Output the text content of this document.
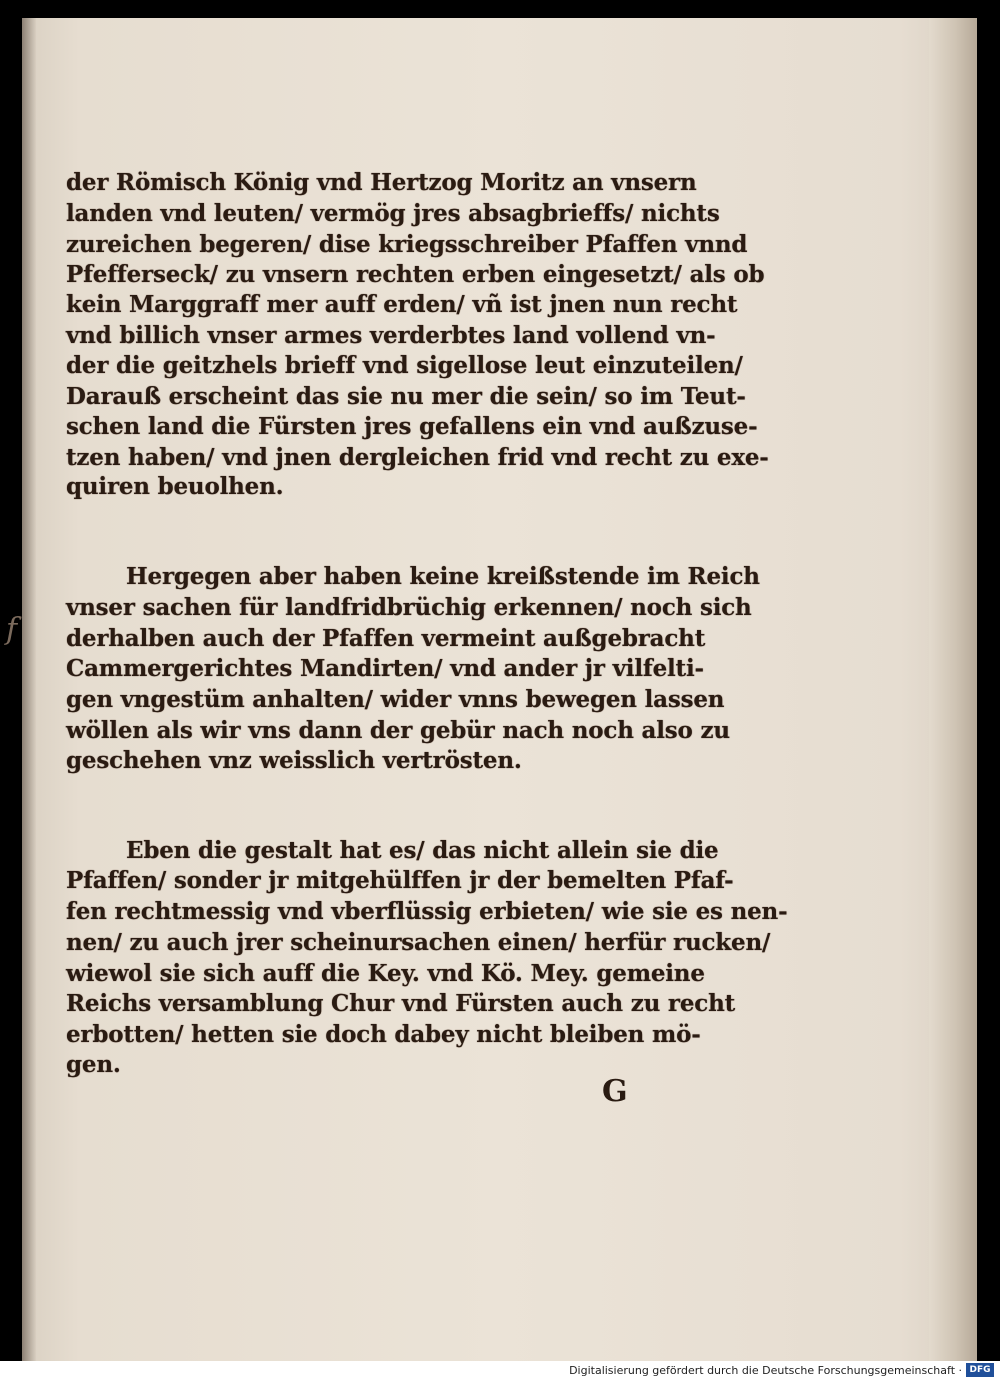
f
der Römisch König vnd Hertzog Moritz an vnsern
landen vnd leuten/ vermög jres absagbrieffs/ nichts
zureichen begeren/ dise kriegsschreiber Pfaffen vnnd
Pfefferseck/ zu vnsern rechten erben eingesetzt/ als ob
kein Marggraff mer auff erden/ vñ ist jnen nun recht
vnd billich vnser armes verderbtes land vollend vn-
der die geitzhels brieff vnd sigellose leut einzuteilen/
Darauß erscheint das sie nu mer die sein/ so im Teut-
schen land die Fürsten jres gefallens ein vnd außzuse-
tzen haben/ vnd jnen dergleichen frid vnd recht zu exe-
quiren beuolhen.
Hergegen aber haben keine kreißstende im Reich
vnser sachen für landfridbrüchig erkennen/ noch sich
derhalben auch der Pfaffen vermeint außgebracht
Cammergerichtes Mandirten/ vnd ander jr vilfelti-
gen vngestüm anhalten/ wider vnns bewegen lassen
wöllen als wir vns dann der gebür nach noch also zu
geschehen vnz weisslich vertrösten.
Eben die gestalt hat es/ das nicht allein sie die
Pfaffen/ sonder jr mitgehülffen jr der bemelten Pfaf-
fen rechtmessig vnd vberflüssig erbieten/ wie sie es nen-
nen/ zu auch jrer scheinursachen einen/ herfür rucken/
wiewol sie sich auff die Key. vnd Kö. Mey. gemeine
Reichs versamblung Chur vnd Fürsten auch zu recht
erbotten/ hetten sie doch dabey nicht bleiben mö-
gen.
G
Digitalisierung gefördert durch die Deutsche Forschungsgemeinschaft · DFG
